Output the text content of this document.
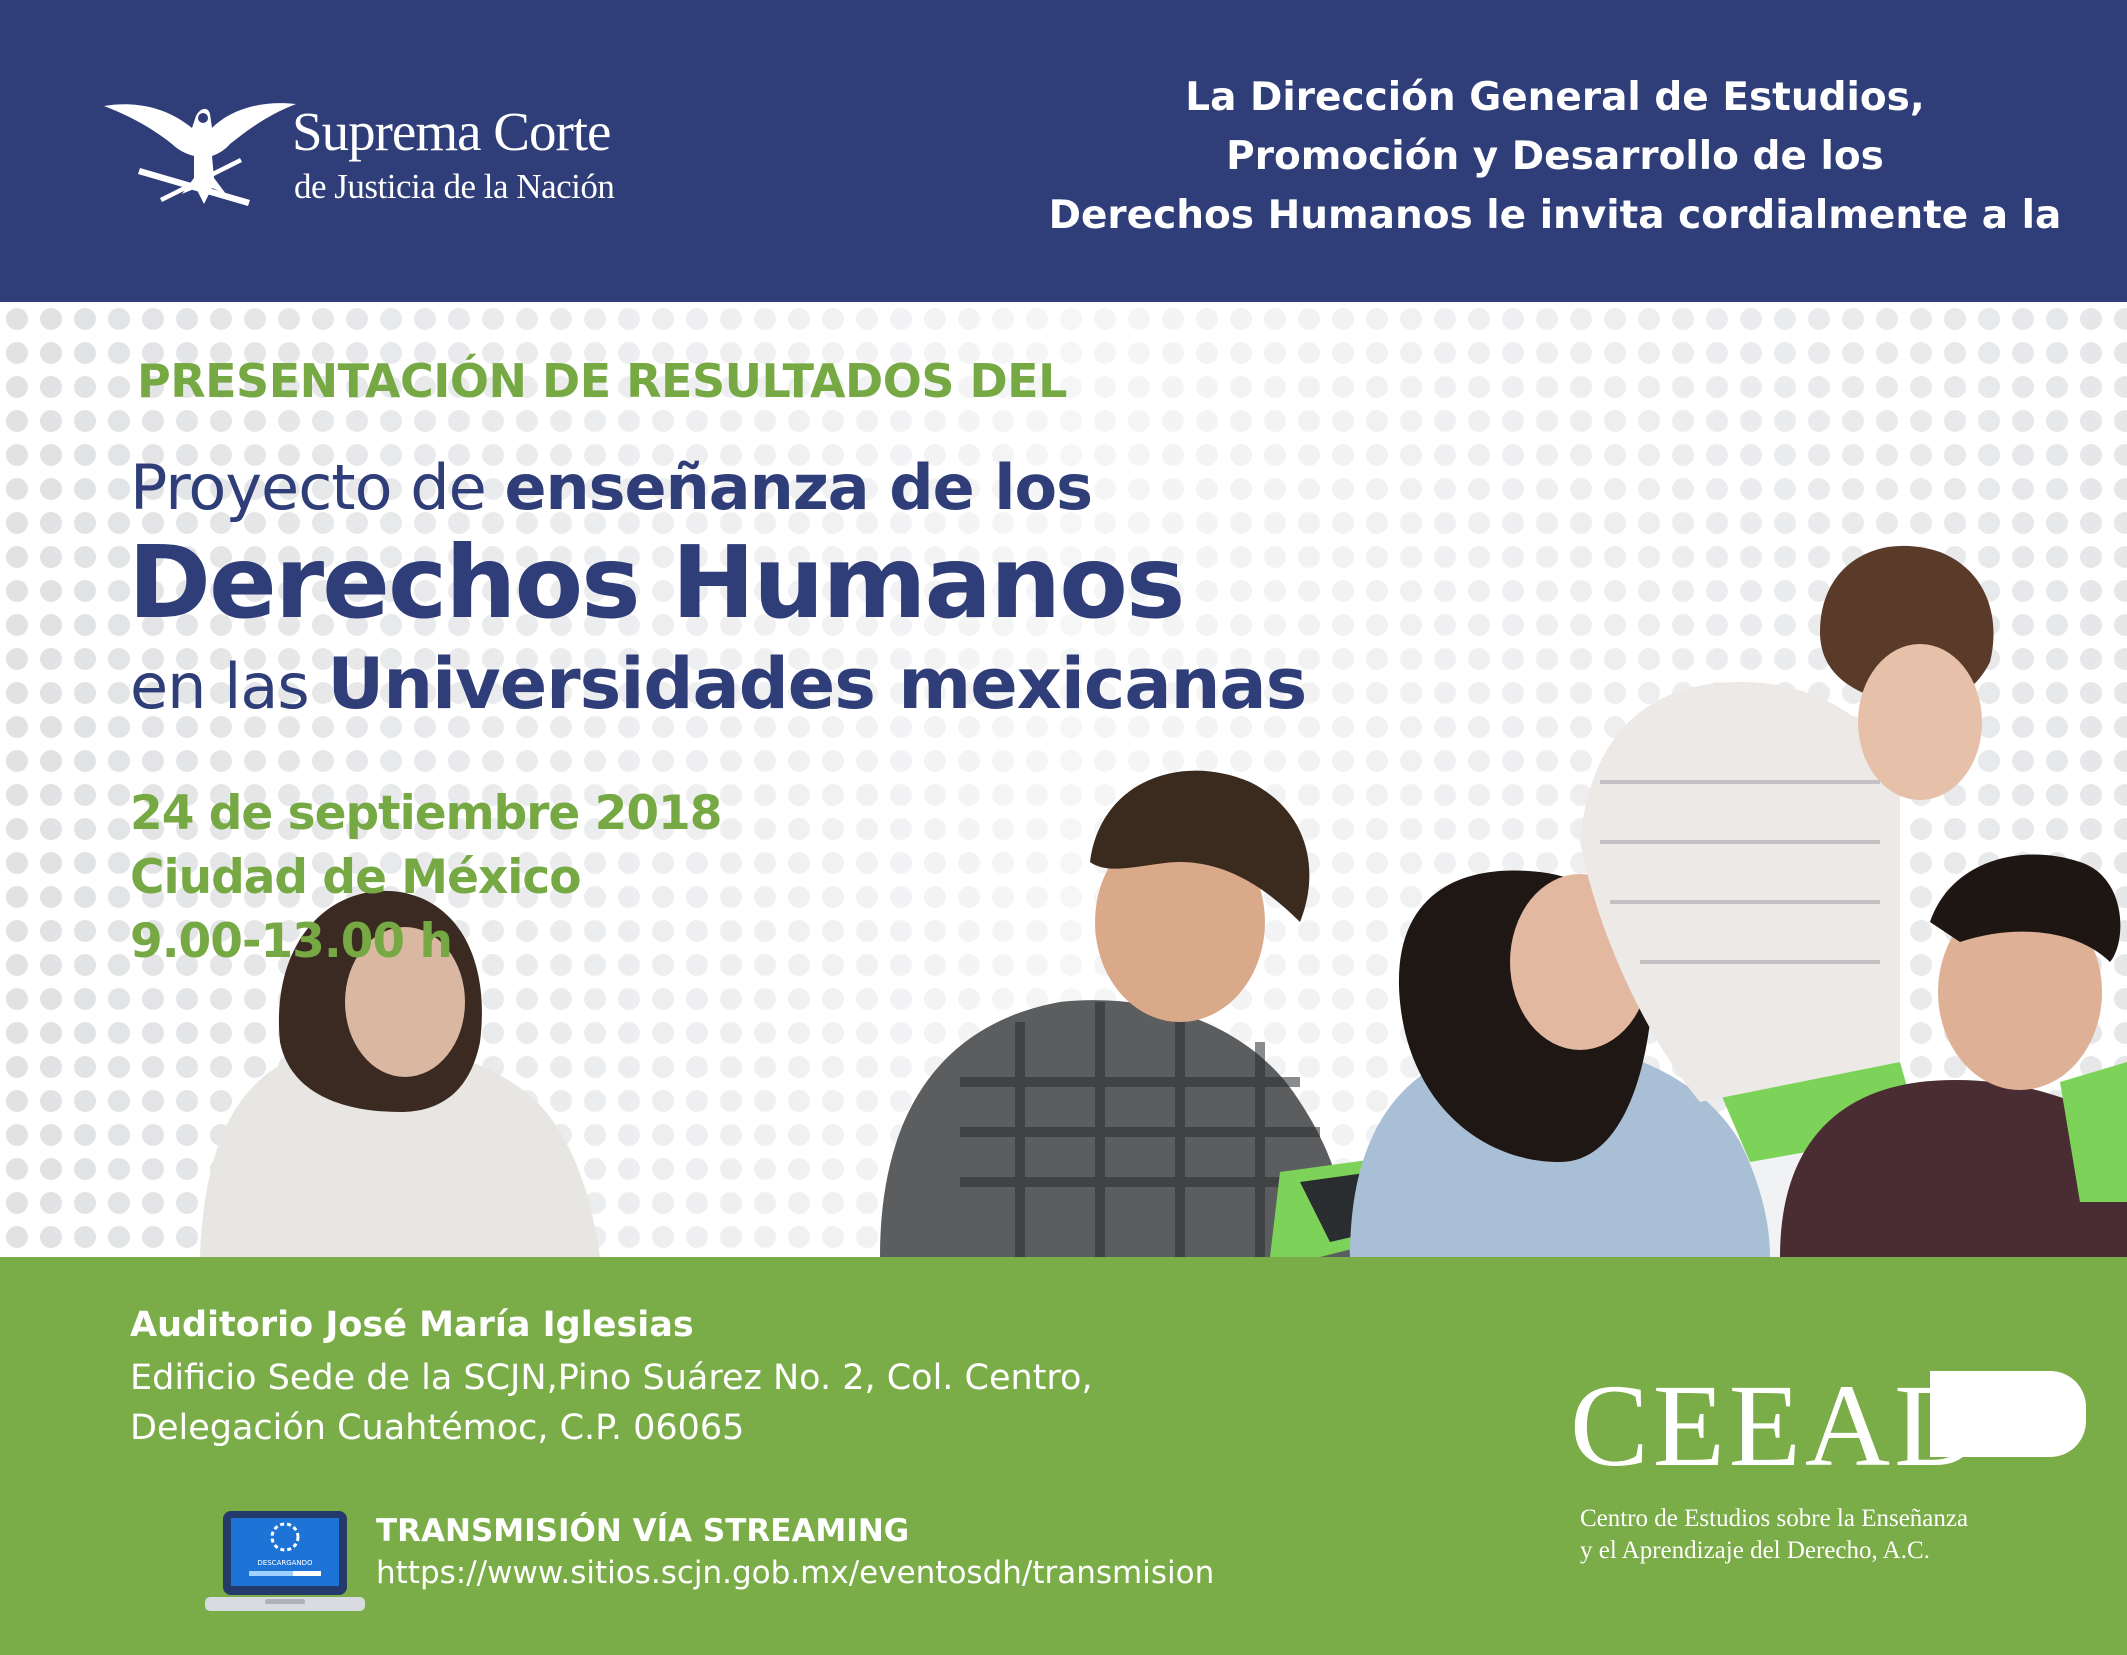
Suprema Corte
de Justicia de la Nación
La Dirección General de Estudios,
Promoción y Desarrollo de los
Derechos Humanos le invita cordialmente a la
PRESENTACIÓN DE RESULTADOS DEL
Proyecto de enseñanza de los
Derechos Humanos
en las Universidades mexicanas
24 de septiembre 2018
Ciudad de México
9.00-13.00 h
Auditorio José María Iglesias
Edificio Sede de la SCJN,Pino Suárez No. 2, Col. Centro,
Delegación Cuahtémoc, C.P. 06065
DESCARGANDO
TRANSMISIÓN VÍA STREAMING
https://www.sitios.scjn.gob.mx/eventosdh/transmision
CEEAD
Centro de Estudios sobre la Enseñanza
y el Aprendizaje del Derecho, A.C.
